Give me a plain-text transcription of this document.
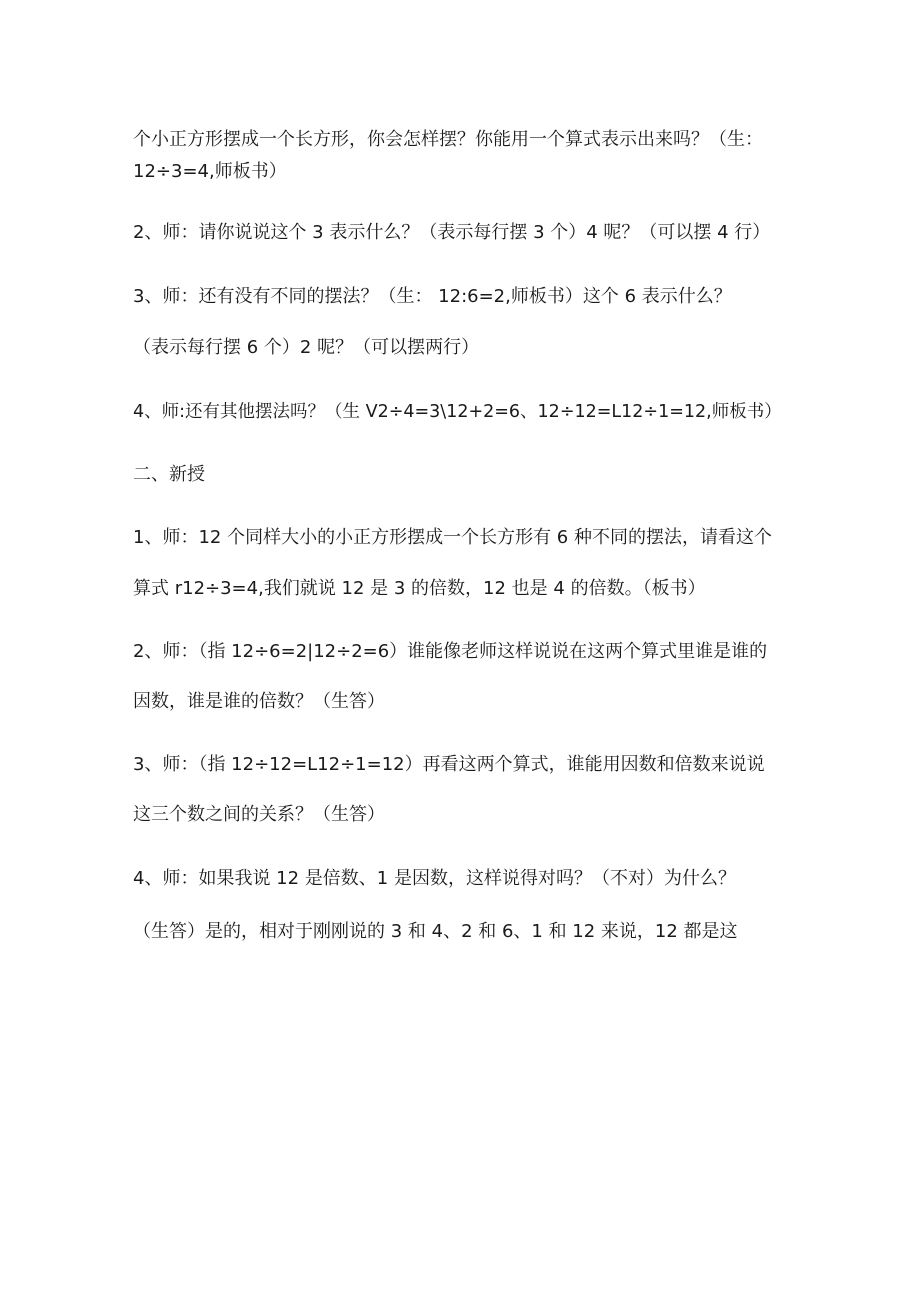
个小正方形摆成一个长方形，你会怎样摆？你能用一个算式表示出来吗？（生：
12÷3=4,师板书）
2、师：请你说说这个 3 表示什么？（表示每行摆 3 个）4 呢？（可以摆 4 行）
3、师：还有没有不同的摆法？（生： 12:6=2,师板书）这个 6 表示什么？
（表示每行摆 6 个）2 呢？（可以摆两行）
4、师:还有其他摆法吗？（生 V2÷4=3\12+2=6、12÷12=L12÷1=12,师板书）
二、新授
1、师：12 个同样大小的小正方形摆成一个长方形有 6 种不同的摆法，请看这个
算式 r12÷3=4,我们就说 12 是 3 的倍数，12 也是 4 的倍数。（板书）
2、师：（指 12÷6=2|12÷2=6）谁能像老师这样说说在这两个算式里谁是谁的
因数，谁是谁的倍数？（生答）
3、师：（指 12÷12=L12÷1=12）再看这两个算式，谁能用因数和倍数来说说
这三个数之间的关系？（生答）
4、师：如果我说 12 是倍数、1 是因数，这样说得对吗？（不对）为什么？
（生答）是的，相对于刚刚说的 3 和 4、2 和 6、1 和 12 来说，12 都是这
